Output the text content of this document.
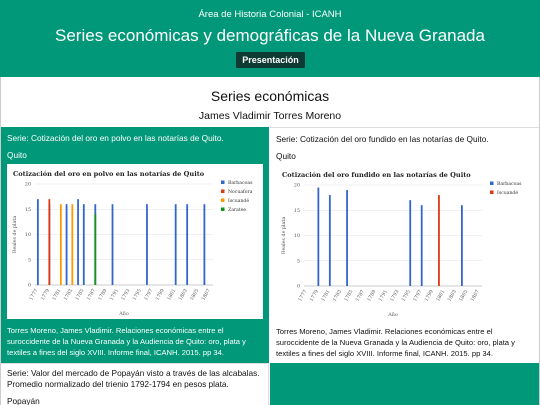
Área de Historia Colonial - ICANH
Series económicas y demográficas de la Nueva Granada
Presentación
Series económicas
James Vladimir Torres Moreno
Serie: Cotización del oro en polvo en las notarías de Quito.
Quito
Cotización del oro en polvo en las notarías de Quito
0
5
10
15
20
1777 1779 1781 1783 1785 1787 1789 1791 1793 1795 1797 1799 1801 1803 1805 1807
Año
Reales de plata
Barbacoas
Nocuafora
Iscuandé
Zaratee
Torres Moreno, James Vladimir. Relaciones económicas entre el suroccidente de la Nueva Granada y la Audiencia de Quito: oro, plata y textiles a fines del siglo XVIII. Informe final, ICANH. 2015. pp 34.
Serie: Cotización del oro fundido en las notarías de Quito.
Quito
Cotización del oro fundido en las notarías de Quito
0
5
10
15
20
1777 1779 1781 1783 1785 1787 1789 1791 1793 1795 1797 1799 1801 1803 1805 1807
Año
Reales de plata
Barbacoas
Iscuandé
Torres Moreno, James Vladimir. Relaciones económicas entre el suroccidente de la Nueva Granada y la Audiencia de Quito: oro, plata y textiles a fines del siglo XVIII. Informe final, ICANH. 2015. pp 34.
Serie: Valor del mercado de Popayán visto a través de las alcabalas. Promedio normalizado del trienio 1792-1794 en pesos plata.
Popayán
